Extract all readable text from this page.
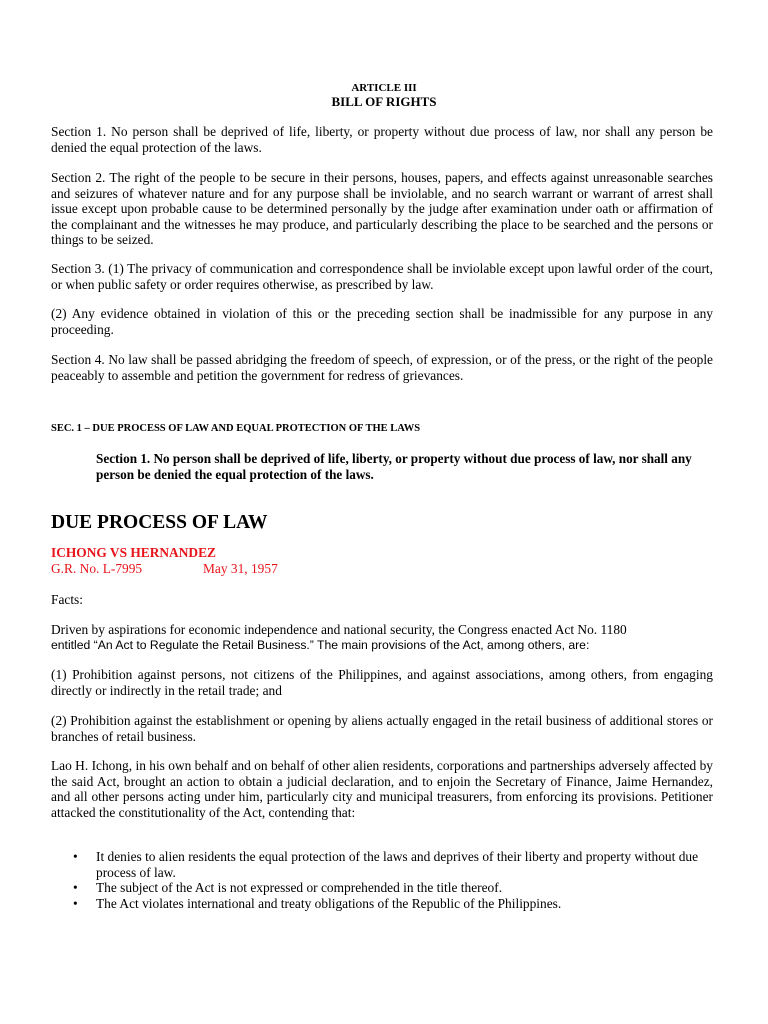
ARTICLE III

BILL OF RIGHTS

Section 1. No person shall be deprived of life, liberty, or property without due process of law, nor shall any person be denied the equal protection of the laws.

Section 2. The right of the people to be secure in their persons, houses, papers, and effects against unreasonable searches and seizures of whatever nature and for any purpose shall be inviolable, and no search warrant or warrant of arrest shall issue except upon probable cause to be determined personally by the judge after examination under oath or affirmation of the complainant and the witnesses he may produce, and particularly describing the place to be searched and the persons or things to be seized.

Section 3. (1) The privacy of communication and correspondence shall be inviolable except upon lawful order of the court, or when public safety or order requires otherwise, as prescribed by law.

(2) Any evidence obtained in violation of this or the preceding section shall be inadmissible for any purpose in any proceeding.

Section 4. No law shall be passed abridging the freedom of speech, of expression, or of the press, or the right of the people peaceably to assemble and petition the government for redress of grievances.

SEC. 1 – DUE PROCESS OF LAW AND EQUAL PROTECTION OF THE LAWS

Section 1. No person shall be deprived of life, liberty, or property without due process of law, nor shall any person be denied the equal protection of the laws.

DUE PROCESS OF LAW

ICHONG VS HERNANDEZ

G.R. No. L-7995	May 31, 1957

Facts:

Driven by aspirations for economic independence and national security, the Congress enacted Act No. 1180
entitled “An Act to Regulate the Retail Business.” The main provisions of the Act, among others, are:

(1) Prohibition against persons, not citizens of the Philippines, and against associations, among others, from engaging directly or indirectly in the retail trade; and

(2) Prohibition against the establishment or opening by aliens actually engaged in the retail business of additional stores or branches of retail business.

Lao H. Ichong, in his own behalf and on behalf of other alien residents, corporations and partnerships adversely affected by the said Act, brought an action to obtain a judicial declaration, and to enjoin the Secretary of Finance, Jaime Hernandez, and all other persons acting under him, particularly city and municipal treasurers, from enforcing its provisions. Petitioner attacked the constitutionality of the Act, contending that:

• It denies to alien residents the equal protection of the laws and deprives of their liberty and property without due process of law.
• The subject of the Act is not expressed or comprehended in the title thereof.
• The Act violates international and treaty obligations of the Republic of the Philippines.
